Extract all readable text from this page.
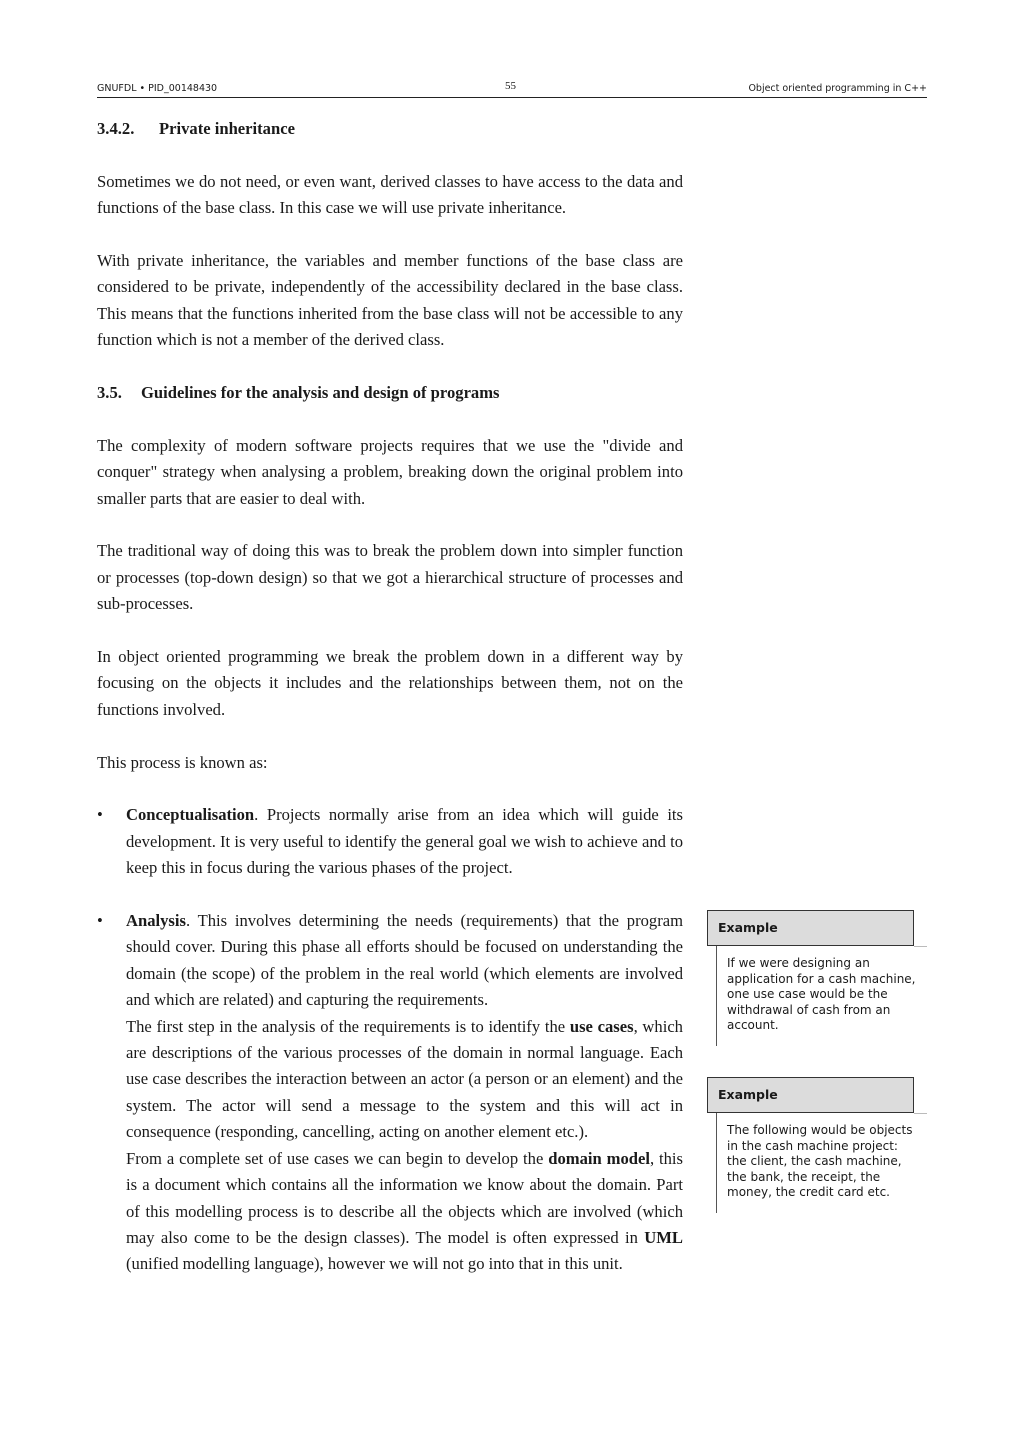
GNUFDL • PID_00148430	55	Object oriented programming in C++
3.4.2. Private inheritance

Sometimes we do not need, or even want, derived classes to have access to the data and functions of the base class. In this case we will use private inheritance.

With private inheritance, the variables and member functions of the base class are considered to be private, independently of the accessibility declared in the base class. This means that the functions inherited from the base class will not be accessible to any function which is not a member of the derived class.

3.5. Guidelines for the analysis and design of programs

The complexity of modern software projects requires that we use the "divide and conquer" strategy when analysing a problem, breaking down the original problem into smaller parts that are easier to deal with.

The traditional way of doing this was to break the problem down into simpler function or processes (top-down design) so that we got a hierarchical structure of processes and sub-processes.

In object oriented programming we break the problem down in a different way by focusing on the objects it includes and the relationships between them, not on the functions involved.

This process is known as:

• Conceptualisation. Projects normally arise from an idea which will guide its development. It is very useful to identify the general goal we wish to achieve and to keep this in focus during the various phases of the project.

• Analysis. This involves determining the needs (requirements) that the program should cover. During this phase all efforts should be focused on understanding the domain (the scope) of the problem in the real world (which elements are involved and which are related) and capturing the requirements.

The first step in the analysis of the requirements is to identify the use cases, which are descriptions of the various processes of the domain in normal language. Each use case describes the interaction between an actor (a person or an element) and the system. The actor will send a message to the system and this will act in consequence (responding, cancelling, acting on another element etc.).

From a complete set of use cases we can begin to develop the domain model, this is a document which contains all the information we know about the domain. Part of this modelling process is to describe all the objects which are involved (which may also come to be the design classes). The model is often expressed in UML (unified modelling language), however we will not go into that in this unit.

Example
If we were designing an application for a cash machine, one use case would be the withdrawal of cash from an account.
Example
The following would be objects in the cash machine project: the client, the cash machine, the bank, the receipt, the money, the credit card etc.
